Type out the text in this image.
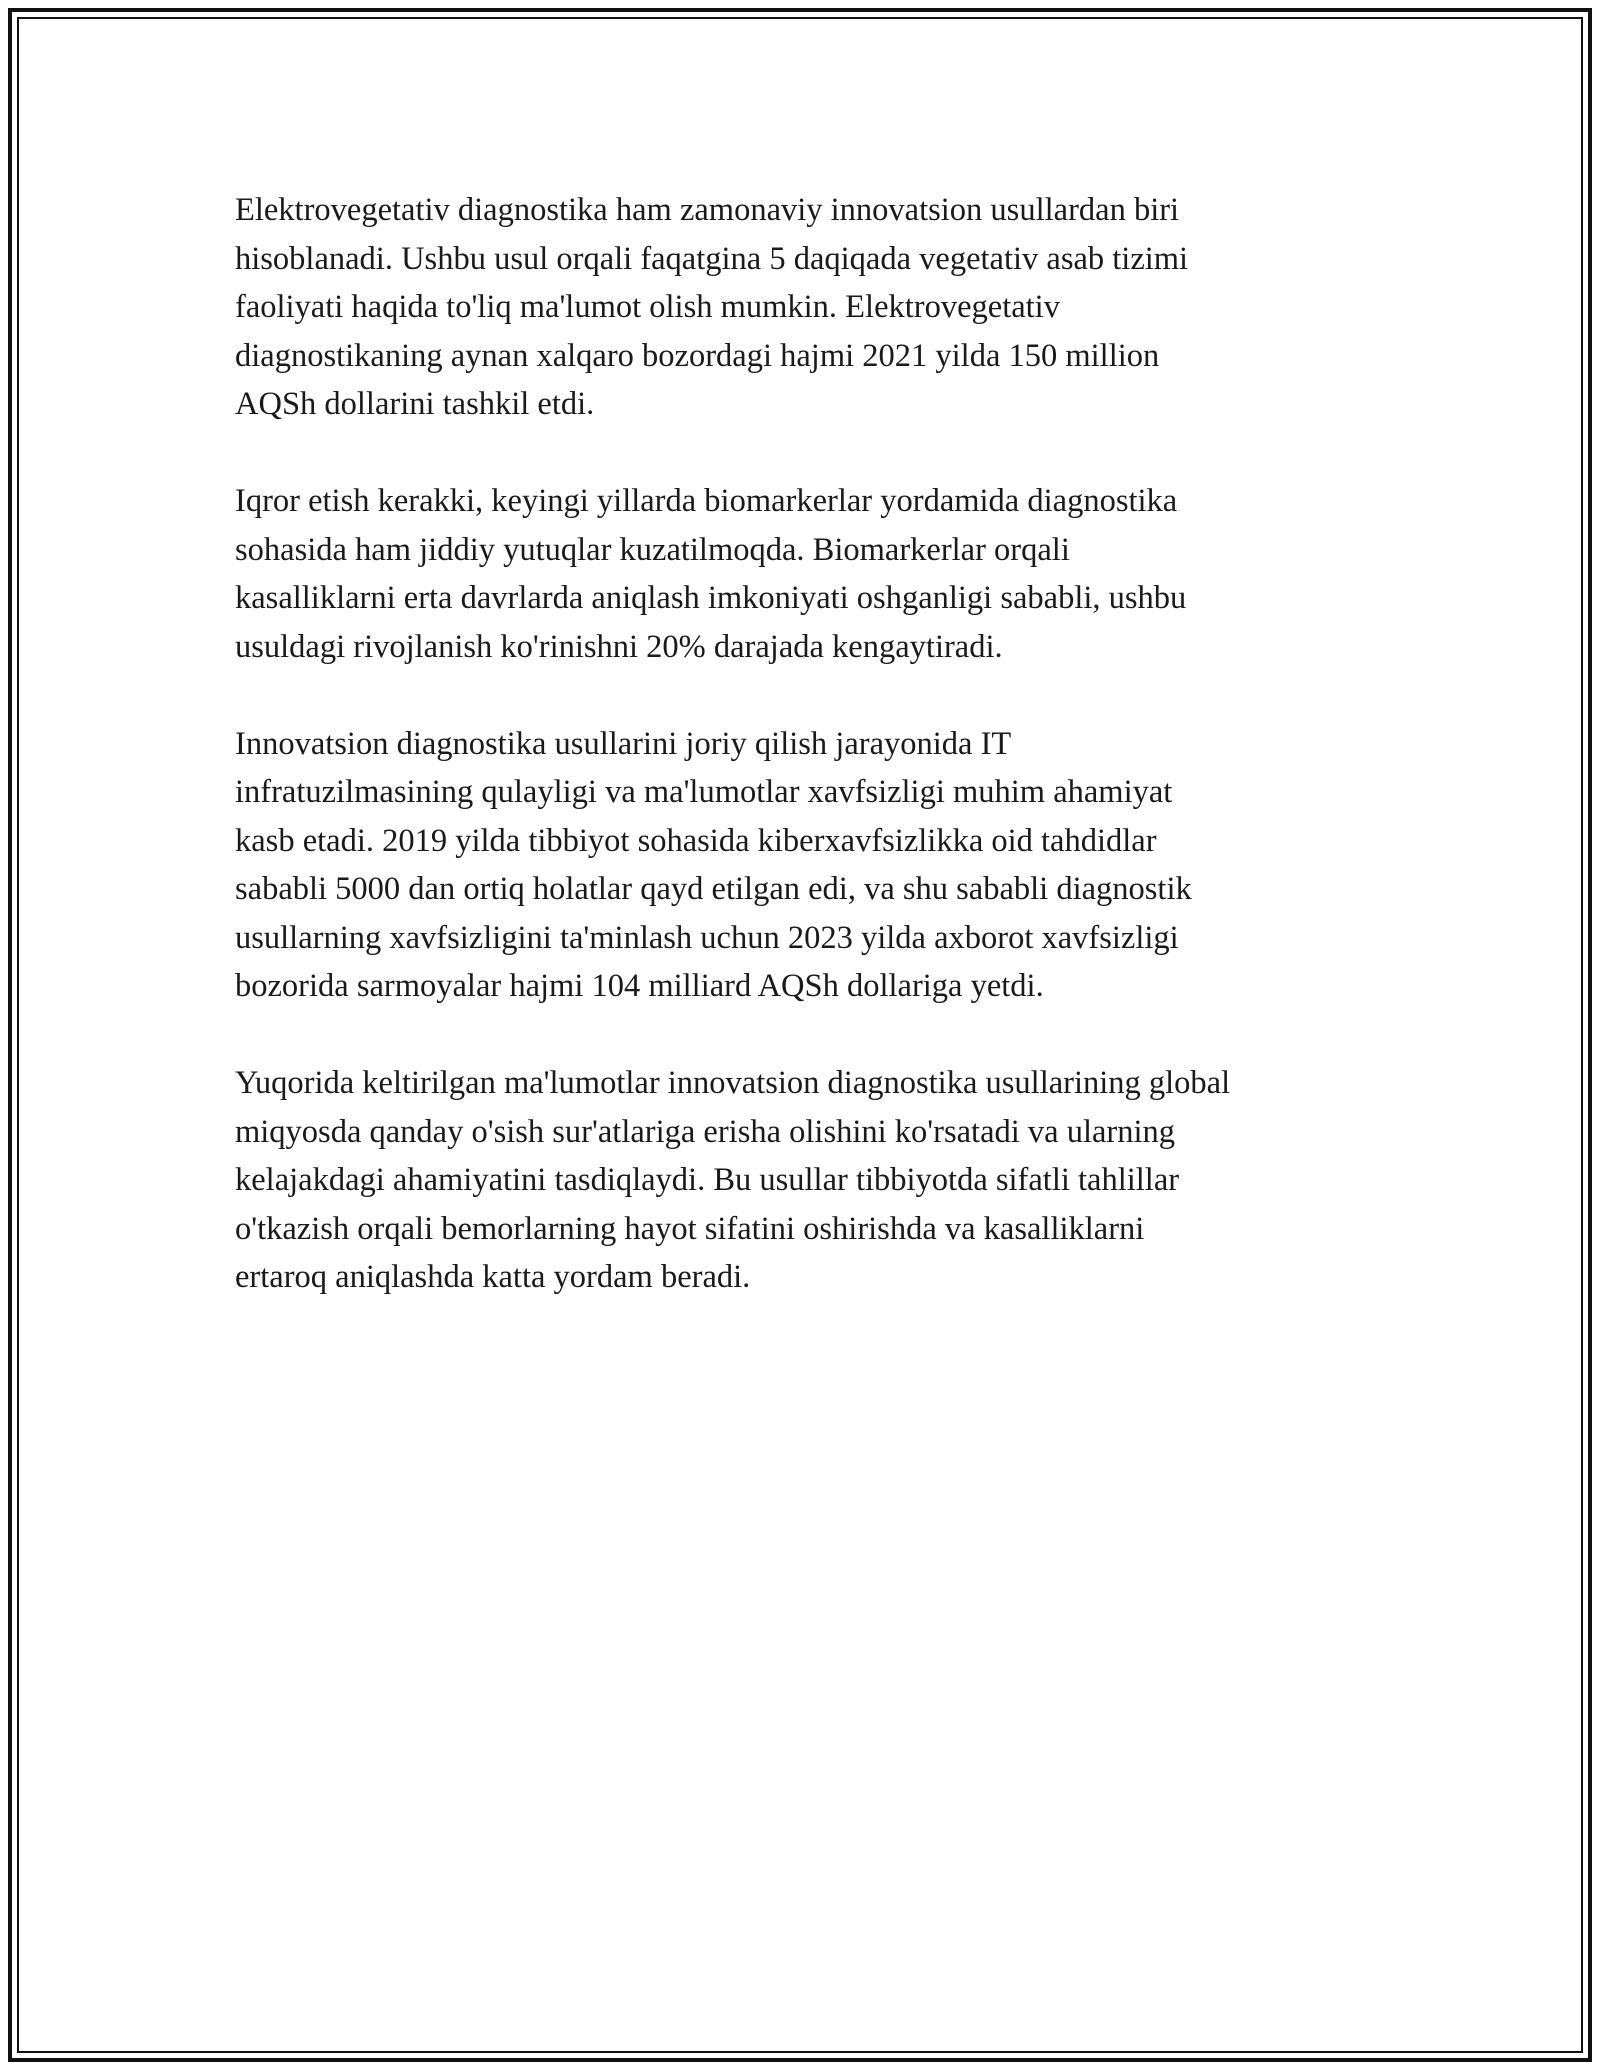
Elektrovegetativ diagnostika ham zamonaviy innovatsion usullardan biri
hisoblanadi. Ushbu usul orqali faqatgina 5 daqiqada vegetativ asab tizimi
faoliyati haqida to'liq ma'lumot olish mumkin. Elektrovegetativ
diagnostikaning aynan xalqaro bozordagi hajmi 2021 yilda 150 million
AQSh dollarini tashkil etdi.

Iqror etish kerakki, keyingi yillarda biomarkerlar yordamida diagnostika
sohasida ham jiddiy yutuqlar kuzatilmoqda. Biomarkerlar orqali
kasalliklarni erta davrlarda aniqlash imkoniyati oshganligi sababli, ushbu
usuldagi rivojlanish ko'rinishni 20% darajada kengaytiradi.

Innovatsion diagnostika usullarini joriy qilish jarayonida IT
infratuzilmasining qulayligi va ma'lumotlar xavfsizligi muhim ahamiyat
kasb etadi. 2019 yilda tibbiyot sohasida kiberxavfsizlikka oid tahdidlar
sababli 5000 dan ortiq holatlar qayd etilgan edi, va shu sababli diagnostik
usullarning xavfsizligini ta'minlash uchun 2023 yilda axborot xavfsizligi
bozorida sarmoyalar hajmi 104 milliard AQSh dollariga yetdi.

Yuqorida keltirilgan ma'lumotlar innovatsion diagnostika usullarining global
miqyosda qanday o'sish sur'atlariga erisha olishini ko'rsatadi va ularning
kelajakdagi ahamiyatini tasdiqlaydi. Bu usullar tibbiyotda sifatli tahlillar
o'tkazish orqali bemorlarning hayot sifatini oshirishda va kasalliklarni
ertaroq aniqlashda katta yordam beradi.
